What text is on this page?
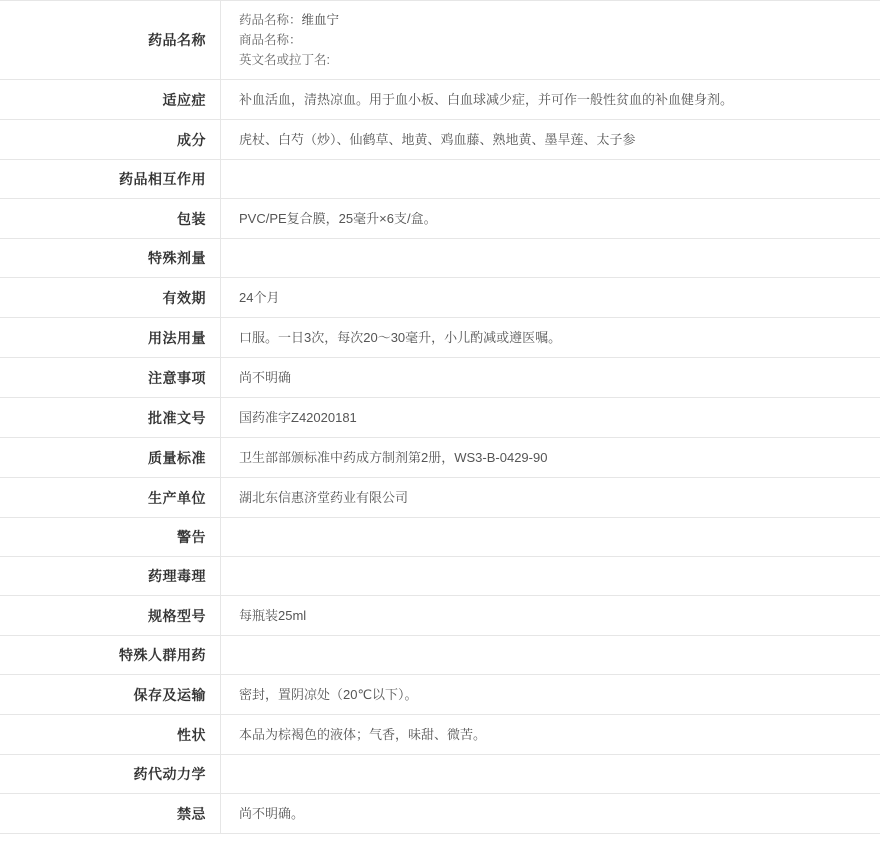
药品名称	药品名称：维血宁
商品名称：
英文名或拉丁名:

适应症	补血活血，清热凉血。用于血小板、白血球减少症，并可作一般性贫血的补血健身剂。
成分	虎杖、白芍（炒）、仙鹤草、地黄、鸡血藤、熟地黄、墨旱莲、太子参
药品相互作用	
包装	PVC/PE复合膜，25毫升×6支/盒。
特殊剂量	
有效期	24个月
用法用量	口服。一日3次，每次20～30毫升，小儿酌减或遵医嘱。
注意事项	尚不明确
批准文号	国药准字Z42020181
质量标准	卫生部部颁标准中药成方制剂第2册，WS3-B-0429-90
生产单位	湖北东信惠济堂药业有限公司
警告	
药理毒理	
规格型号	每瓶装25ml
特殊人群用药	
保存及运输	密封，置阴凉处（20℃以下）。
性状	本品为棕褐色的液体；气香，味甜、微苦。
药代动力学	
禁忌	尚不明确。
